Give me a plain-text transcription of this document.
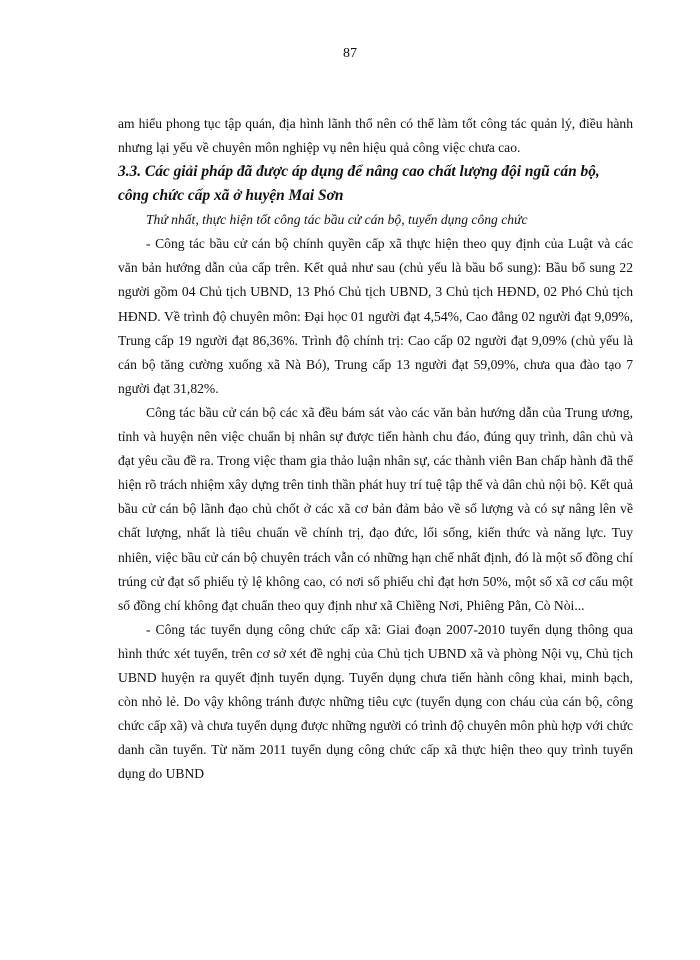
87

am hiểu phong tục tập quán, địa hình lãnh thổ nên có thể làm tốt công tác quản lý, điều hành nhưng lại yếu về chuyên môn nghiệp vụ nên hiệu quả công việc chưa cao.

3.3. Các giải pháp đã được áp dụng để nâng cao chất lượng đội ngũ cán bộ, công chức cấp xã ở huyện Mai Sơn

Thứ nhất, thực hiện tốt công tác bầu cử cán bộ, tuyển dụng công chức

- Công tác bầu cử cán bộ chính quyền cấp xã thực hiện theo quy định của Luật và các văn bản hướng dẫn của cấp trên. Kết quả như sau (chủ yếu là bầu bổ sung): Bầu bổ sung 22 người gồm 04 Chủ tịch UBND, 13 Phó Chủ tịch UBND, 3 Chủ tịch HĐND, 02 Phó Chủ tịch HĐND. Về trình độ chuyên môn: Đại học 01 người đạt 4,54%, Cao đẳng 02 người đạt 9,09%, Trung cấp 19 người đạt 86,36%. Trình độ chính trị: Cao cấp 02 người đạt 9,09% (chủ yếu là cán bộ tăng cường xuống xã Nà Bó), Trung cấp 13 người đạt 59,09%, chưa qua đào tạo 7 người đạt 31,82%.

Công tác bầu cử cán bộ các xã đều bám sát vào các văn bản hướng dẫn của Trung ương, tỉnh và huyện nên việc chuẩn bị nhân sự được tiến hành chu đáo, đúng quy trình, dân chủ và đạt yêu cầu đề ra. Trong việc tham gia thảo luận nhân sự, các thành viên Ban chấp hành đã thể hiện rõ trách nhiệm xây dựng trên tinh thần phát huy trí tuệ tập thể và dân chủ nội bộ. Kết quả bầu cử cán bộ lãnh đạo chủ chốt ở các xã cơ bản đảm bảo về số lượng và có sự nâng lên về chất lượng, nhất là tiêu chuẩn về chính trị, đạo đức, lối sống, kiến thức và năng lực. Tuy nhiên, việc bầu cử cán bộ chuyên trách vẫn có những hạn chế nhất định, đó là một số đồng chí trúng cử đạt số phiếu tỷ lệ không cao, có nơi số phiếu chỉ đạt hơn 50%, một số xã cơ cấu một số đồng chí không đạt chuẩn theo quy định như xã Chiềng Nơi, Phiêng Pằn, Cò Nòi...

- Công tác tuyển dụng công chức cấp xã: Giai đoạn 2007-2010 tuyển dụng thông qua hình thức xét tuyển, trên cơ sở xét đề nghị của Chủ tịch UBND xã và phòng Nội vụ, Chủ tịch UBND huyện ra quyết định tuyển dụng. Tuyển dụng chưa tiến hành công khai, minh bạch, còn nhỏ lẻ. Do vậy không tránh được những tiêu cực (tuyển dụng con cháu của cán bộ, công chức cấp xã) và chưa tuyển dụng được những người có trình độ chuyên môn phù hợp với chức danh cần tuyển. Từ năm 2011 tuyển dụng công chức cấp xã thực hiện theo quy trình tuyển dụng do UBND
